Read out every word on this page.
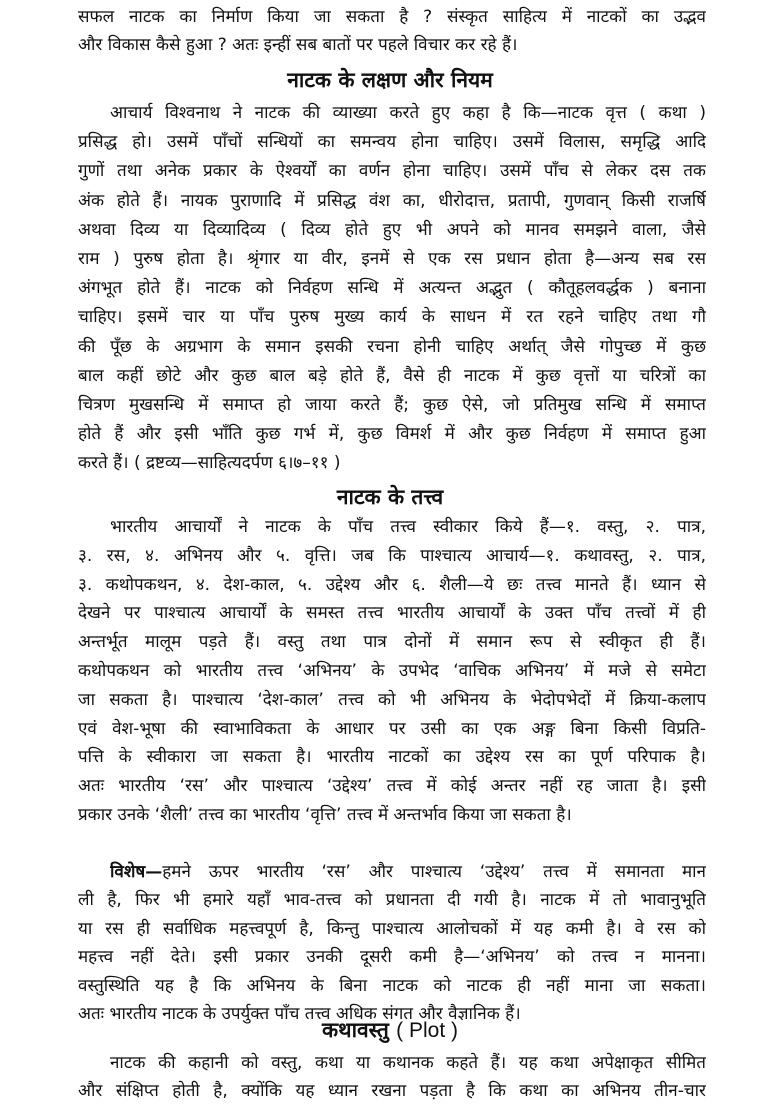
नाटक के लक्षण और नियम
नाटक के तत्त्व
कथावस्तु ( Plot )
सफल नाटक का निर्माण किया जा सकता है ? संस्कृत साहित्य में नाटकों का उद्भव
और विकास कैसे हुआ ? अतः इन्हीं सब बातों पर पहले विचार कर रहे हैं।
आचार्य विश्वनाथ ने नाटक की व्याख्या करते हुए कहा है कि—नाटक वृत्त ( कथा )
प्रसिद्ध हो। उसमें पाँचों सन्धियों का समन्वय होना चाहिए। उसमें विलास, समृद्धि आदि
गुणों तथा अनेक प्रकार के ऐश्वर्यों का वर्णन होना चाहिए। उसमें पाँच से लेकर दस तक
अंक होते हैं। नायक पुराणादि में प्रसिद्ध वंश का, धीरोदात्त, प्रतापी, गुणवान् किसी राजर्षि
अथवा दिव्य या दिव्यादिव्य ( दिव्य होते हुए भी अपने को मानव समझने वाला, जैसे
राम ) पुरुष होता है। श्रृंगार या वीर, इनमें से एक रस प्रधान होता है—अन्य सब रस
अंगभूत होते हैं। नाटक को निर्वहण सन्धि में अत्यन्त अद्भुत ( कौतूहलवर्द्धक ) बनाना
चाहिए। इसमें चार या पाँच पुरुष मुख्य कार्य के साधन में रत रहने चाहिए तथा गौ
की पूँछ के अग्रभाग के समान इसकी रचना होनी चाहिए अर्थात् जैसे गोपुच्छ में कुछ
बाल कहीं छोटे और कुछ बाल बड़े होते हैं, वैसे ही नाटक में कुछ वृत्तों या चरित्रों का
चित्रण मुखसन्धि में समाप्त हो जाया करते हैं; कुछ ऐसे, जो प्रतिमुख सन्धि में समाप्त
होते हैं और इसी भाँति कुछ गर्भ में, कुछ विमर्श में और कुछ निर्वहण में समाप्त हुआ
करते हैं। ( द्रष्टव्य—साहित्यदर्पण ६।७–११ )
भारतीय आचार्यों ने नाटक के पाँच तत्त्व स्वीकार किये हैं—१. वस्तु, २. पात्र,
३. रस, ४. अभिनय और ५. वृत्ति। जब कि पाश्चात्य आचार्य—१. कथावस्तु, २. पात्र,
३. कथोपकथन, ४. देश-काल, ५. उद्देश्य और ६. शैली—ये छः तत्त्व मानते हैं। ध्यान से
देखने पर पाश्चात्य आचार्यों के समस्त तत्त्व भारतीय आचार्यों के उक्त पाँच तत्त्वों में ही
अन्तर्भूत मालूम पड़ते हैं। वस्तु तथा पात्र दोनों में समान रूप से स्वीकृत ही हैं।
कथोपकथन को भारतीय तत्त्व ‘अभिनय’ के उपभेद ‘वाचिक अभिनय’ में मजे से समेटा
जा सकता है। पाश्चात्य ‘देश-काल’ तत्त्व को भी अभिनय के भेदोपभेदों में क्रिया-कलाप
एवं वेश-भूषा की स्वाभाविकता के आधार पर उसी का एक अङ्ग बिना किसी विप्रति-
पत्ति के स्वीकारा जा सकता है। भारतीय नाटकों का उद्देश्य रस का पूर्ण परिपाक है।
अतः भारतीय ‘रस’ और पाश्चात्य ‘उद्देश्य’ तत्त्व में कोई अन्तर नहीं रह जाता है। इसी
प्रकार उनके ‘शैली’ तत्त्व का भारतीय ‘वृत्ति’ तत्त्व में अन्तर्भाव किया जा सकता है।
विशेष—हमने ऊपर भारतीय ‘रस’ और पाश्चात्य ‘उद्देश्य’ तत्त्व में समानता मान
ली है, फिर भी हमारे यहाँ भाव-तत्त्व को प्रधानता दी गयी है। नाटक में तो भावानुभूति
या रस ही सर्वाधिक महत्त्वपूर्ण है, किन्तु पाश्चात्य आलोचकों में यह कमी है। वे रस को
महत्त्व नहीं देते। इसी प्रकार उनकी दूसरी कमी है—‘अभिनय’ को तत्त्व न मानना।
वस्तुस्थिति यह है कि अभिनय के बिना नाटक को नाटक ही नहीं माना जा सकता।
अतः भारतीय नाटक के उपर्युक्त पाँच तत्त्व अधिक संगत और वैज्ञानिक हैं।
नाटक की कहानी को वस्तु, कथा या कथानक कहते हैं। यह कथा अपेक्षाकृत सीमित
और संक्षिप्त होती है, क्योंकि यह ध्यान रखना पड़ता है कि कथा का अभिनय तीन-चार
